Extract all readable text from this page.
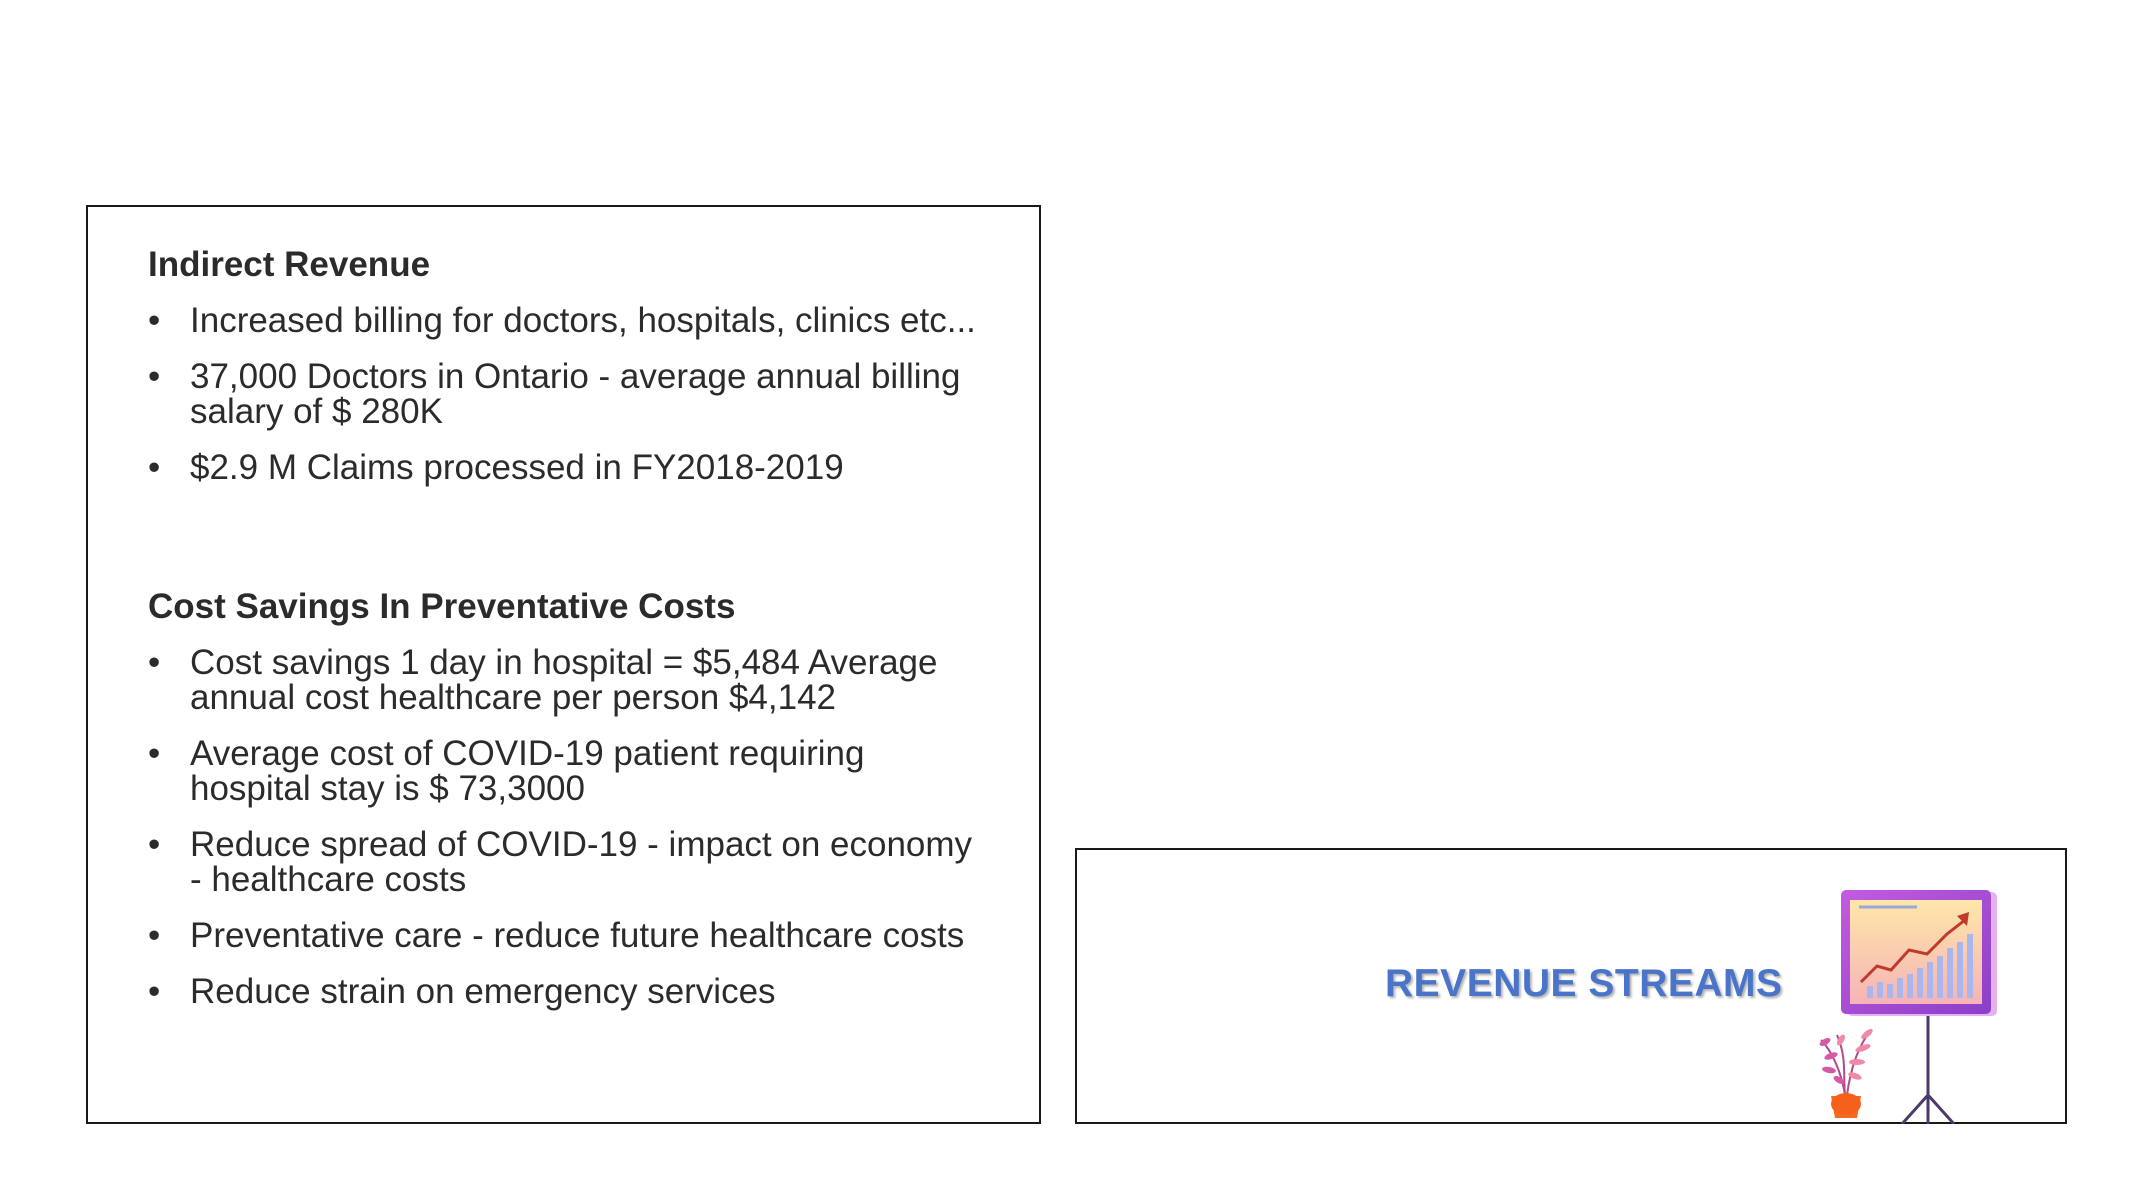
Indirect Revenue
• Increased billing for doctors, hospitals, clinics etc...
• 37,000 Doctors in Ontario - average annual billing salary of $ 280K
• $2.9 M Claims processed in FY2018-2019
Cost Savings In Preventative Costs
• Cost savings 1 day in hospital = $5,484 Average annual cost healthcare per person $4,142
• Average cost of COVID-19 patient requiring hospital stay is $ 73,3000
• Reduce spread of COVID-19 - impact on economy - healthcare costs
• Preventative care - reduce future healthcare costs
• Reduce strain on emergency services	REVENUE STREAMS
